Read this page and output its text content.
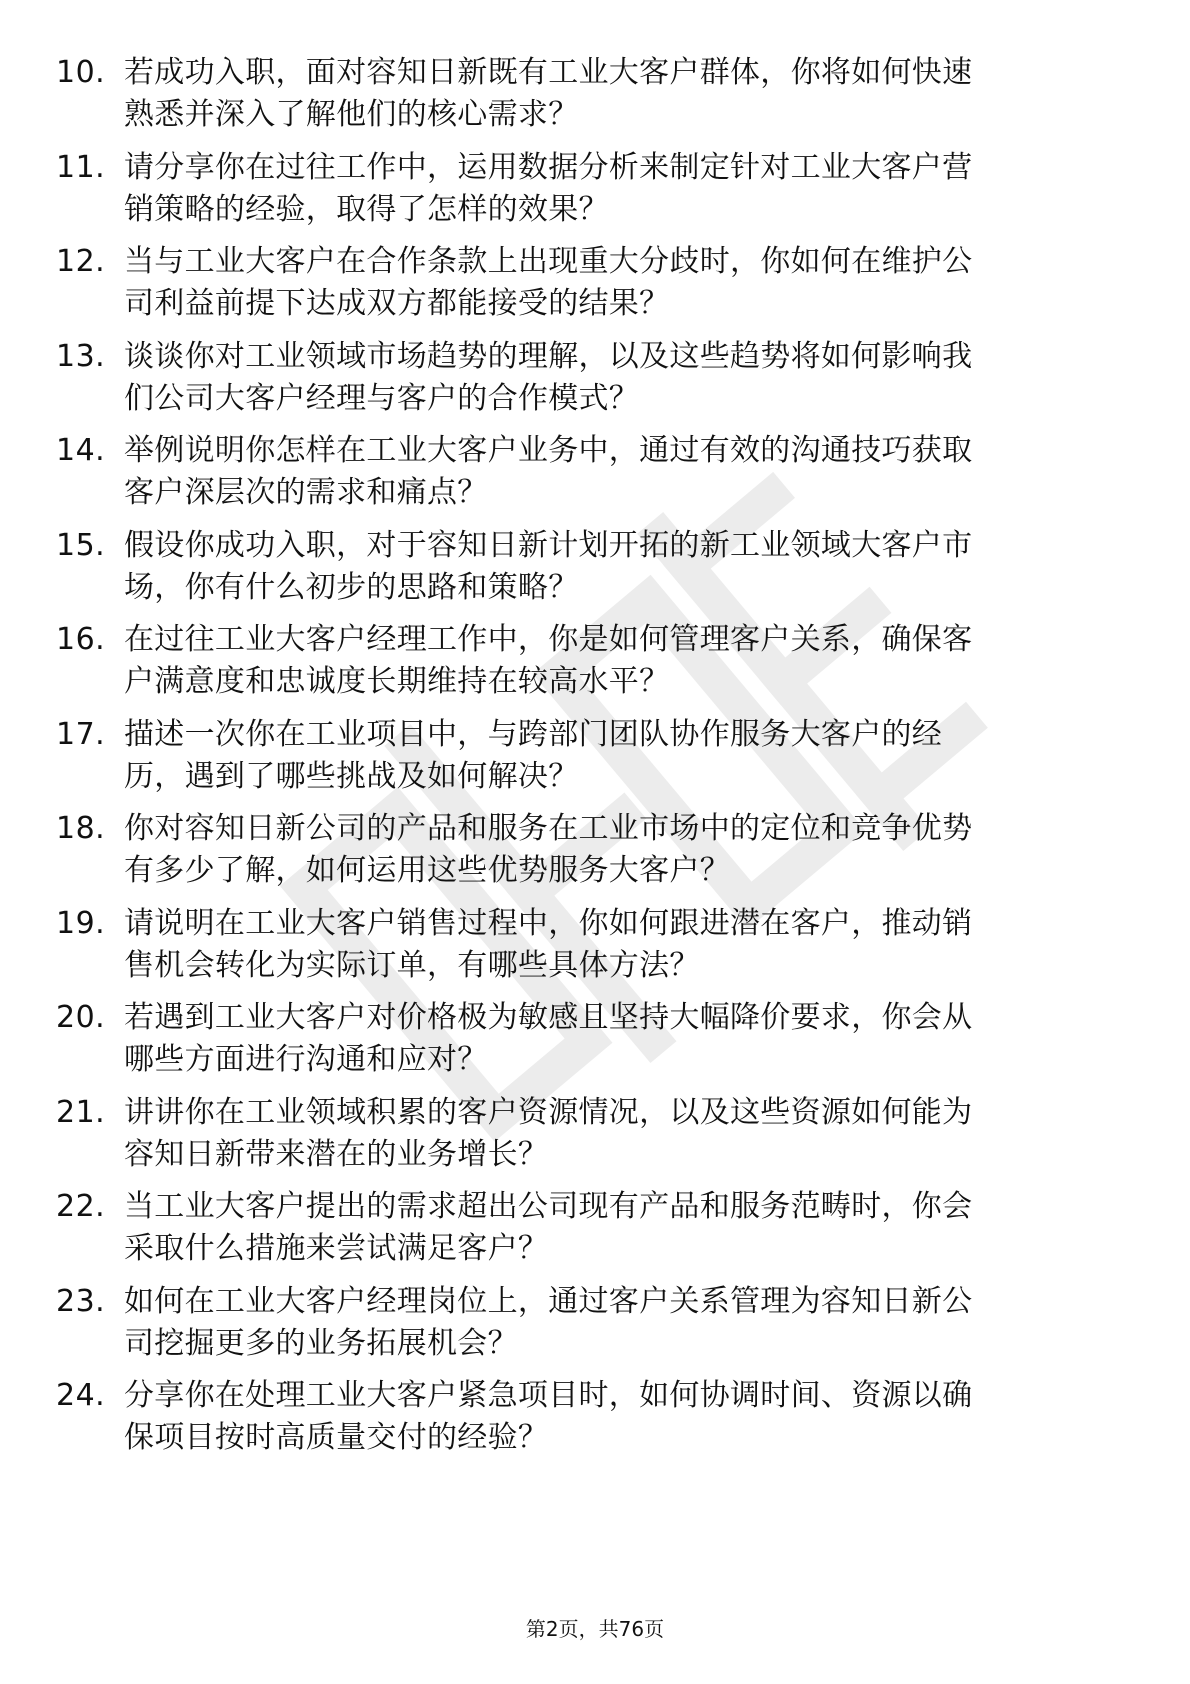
10. 若成功入职，面对容知日新既有工业大客户群体，你将如何快速
熟悉并深入了解他们的核心需求？
11. 请分享你在过往工作中，运用数据分析来制定针对工业大客户营
销策略的经验，取得了怎样的效果？
12. 当与工业大客户在合作条款上出现重大分歧时，你如何在维护公
司利益前提下达成双方都能接受的结果？
13. 谈谈你对工业领域市场趋势的理解，以及这些趋势将如何影响我
们公司大客户经理与客户的合作模式？
14. 举例说明你怎样在工业大客户业务中，通过有效的沟通技巧获取
客户深层次的需求和痛点？
15. 假设你成功入职，对于容知日新计划开拓的新工业领域大客户市
场，你有什么初步的思路和策略？
16. 在过往工业大客户经理工作中，你是如何管理客户关系，确保客
户满意度和忠诚度长期维持在较高水平？
17. 描述一次你在工业项目中，与跨部门团队协作服务大客户的经
历，遇到了哪些挑战及如何解决？
18. 你对容知日新公司的产品和服务在工业市场中的定位和竞争优势
有多少了解，如何运用这些优势服务大客户？
19. 请说明在工业大客户销售过程中，你如何跟进潜在客户，推动销
售机会转化为实际订单，有哪些具体方法？
20. 若遇到工业大客户对价格极为敏感且坚持大幅降价要求，你会从
哪些方面进行沟通和应对？
21. 讲讲你在工业领域积累的客户资源情况，以及这些资源如何能为
容知日新带来潜在的业务增长？
22. 当工业大客户提出的需求超出公司现有产品和服务范畴时，你会
采取什么措施来尝试满足客户？
23. 如何在工业大客户经理岗位上，通过客户关系管理为容知日新公
司挖掘更多的业务拓展机会？
24. 分享你在处理工业大客户紧急项目时，如何协调时间、资源以确
保项目按时高质量交付的经验？
第2页，共76页
